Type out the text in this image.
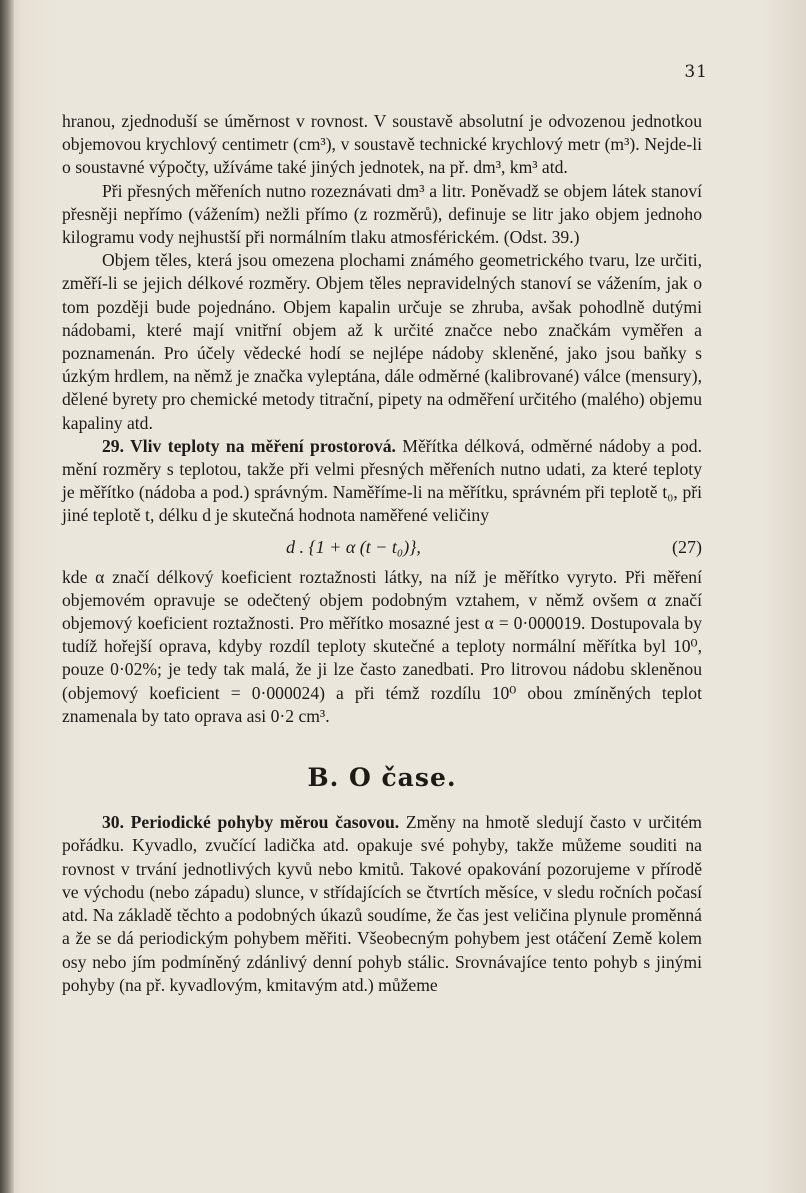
31

hranou, zjednoduší se úměrnost v rovnost. V soustavě absolutní je odvozenou jednotkou objemovou krychlový centimetr (cm³), v soustavě technické krychlový metr (m³). Nejde-li o soustavné výpočty, užíváme také jiných jednotek, na př. dm³, km³ atd.

Při přesných měřeních nutno rozeznávati dm³ a litr. Poněvadž se objem látek stanoví přesněji nepřímo (vážením) nežli přímo (z rozměrů), definuje se litr jako objem jednoho kilogramu vody nejhustší při normálním tlaku atmosférickém. (Odst. 39.)

Objem těles, která jsou omezena plochami známého geometrického tvaru, lze určiti, změří-li se jejich délkové rozměry. Objem těles nepravidelných stanoví se vážením, jak o tom později bude pojednáno. Objem kapalin určuje se zhruba, avšak pohodlně dutými nádobami, které mají vnitřní objem až k určité značce nebo značkám vyměřen a poznamenán. Pro účely vědecké hodí se nejlépe nádoby skleněné, jako jsou baňky s úzkým hrdlem, na němž je značka vyleptána, dále odměrné (kalibrované) válce (mensury), dělené byrety pro chemické metody titrační, pipety na odměření určitého (malého) objemu kapaliny atd.

29. Vliv teploty na měření prostorová. Měřítka délková, odměrné nádoby a pod. mění rozměry s teplotou, takže při velmi přesných měřeních nutno udati, za které teploty je měřítko (nádoba a pod.) správným. Naměříme-li na měřítku, správném při teplotě t₀, při jiné teplotě t, délku d je skutečná hodnota naměřené veličiny

d . {1 + α (t − t₀)},	(27)

kde α značí délkový koeficient roztažnosti látky, na níž je měřítko vyryto. Při měření objemovém opravuje se odečtený objem podobným vztahem, v němž ovšem α značí objemový koeficient roztažnosti. Pro měřítko mosazné jest α = 0·000019. Dostupovala by tudíž hořejší oprava, kdyby rozdíl teploty skutečné a teploty normální měřítka byl 10⁰, pouze 0·02%; je tedy tak malá, že ji lze často zanedbati. Pro litrovou nádobu skleněnou (objemový koeficient = 0·000024) a při témž rozdílu 10⁰ obou zmíněných teplot znamenala by tato oprava asi 0·2 cm³.

B. O čase.

30. Periodické pohyby měrou časovou. Změny na hmotě sledují často v určitém pořádku. Kyvadlo, zvučící ladička atd. opakuje své pohyby, takže můžeme souditi na rovnost v trvání jednotlivých kyvů nebo kmitů. Takové opakování pozorujeme v přírodě ve východu (nebo západu) slunce, v střídajících se čtvrtích měsíce, v sledu ročních počasí atd. Na základě těchto a podobných úkazů soudíme, že čas jest veličina plynule proměnná a že se dá periodickým pohybem měřiti. Všeobecným pohybem jest otáčení Země kolem osy nebo jím podmíněný zdánlivý denní pohyb stálic. Srovnávajíce tento pohyb s jinými pohyby (na př. kyvadlovým, kmitavým atd.) můžeme
